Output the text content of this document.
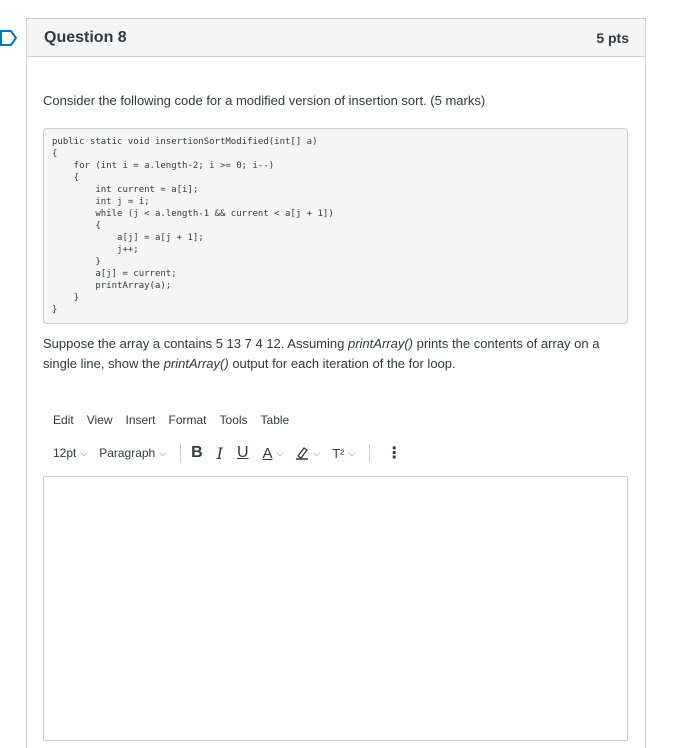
Question 8	5 pts

Consider the following code for a modified version of insertion sort. (5 marks)

public static void insertionSortModified(int[] a)
{
for (int i = a.length-2; i >= 0; i--)
{
int current = a[i];
int j = i;
while (j < a.length-1 && current < a[j + 1])
{
a[j] = a[j + 1];
j++;
}
a[j] = current;
printArray(a);
}
}

Suppose the array a contains 5 13 7 4 12. Assuming printArray() prints the contents of array on a single line, show the printArray() output for each iteration of the for loop.

Edit View Insert Format Tools Table
12pt ⌵ Paragraph ⌵ B I U A ⌵	⌵ T² ⌵ ⋮
